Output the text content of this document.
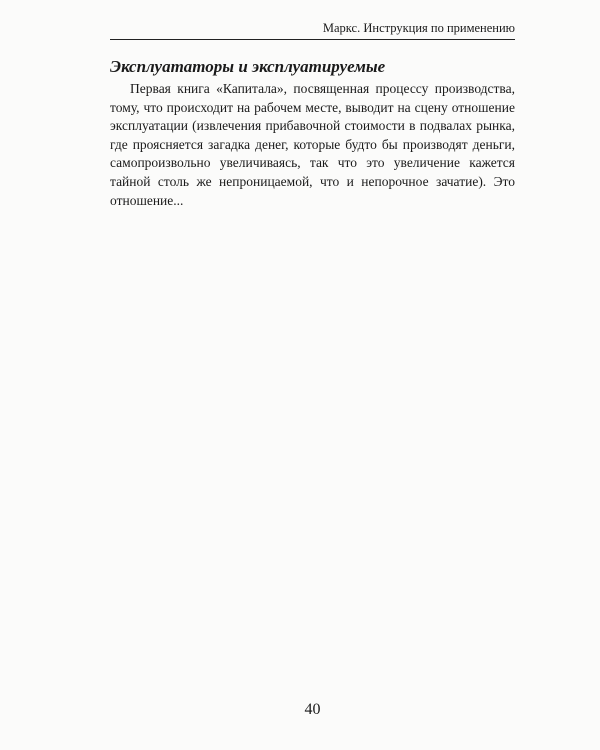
Маркс. Инструкция по применению
Эксплуататоры и эксплуатируемые

Первая книга «Капитала», посвященная процессу производства, тому, что происходит на рабочем месте, выводит на сцену отношение эксплуатации (извлечения прибавочной стоимости в подвалах рынка, где проясняется загадка денег, которые будто бы производят деньги, самопроизвольно увеличиваясь, так что это увеличение кажется тайной столь же непроницаемой, что и непорочное зачатие). Это отношение...

40
